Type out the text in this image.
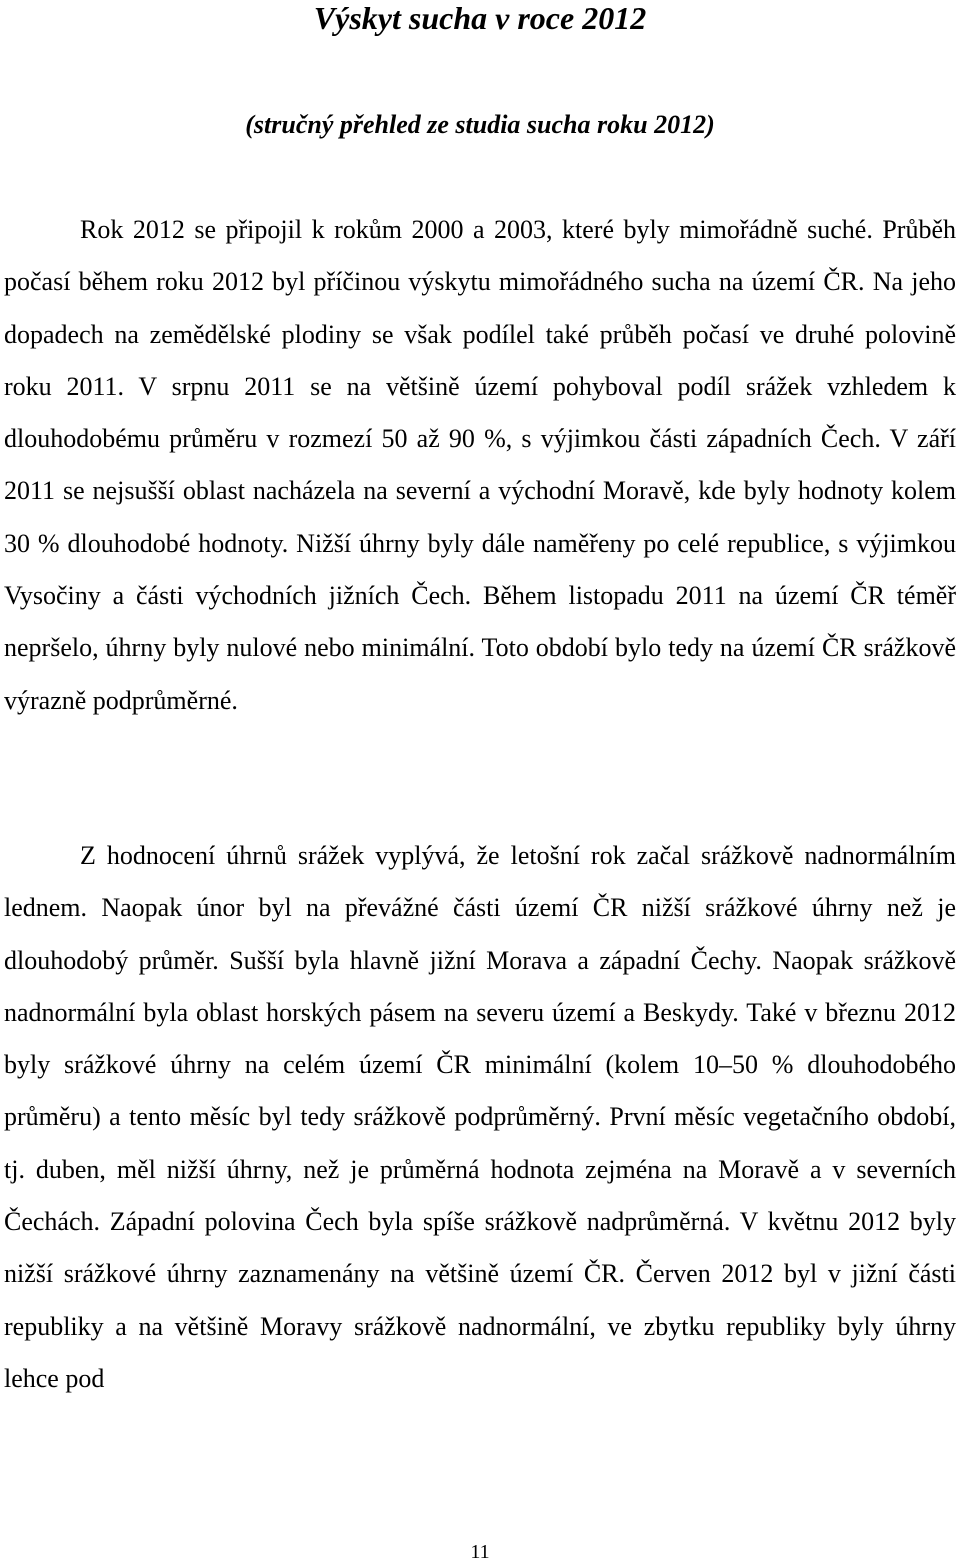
Výskyt sucha v roce 2012
(stručný přehled ze studia sucha roku 2012)

Rok 2012 se připojil k rokům 2000 a 2003, které byly mimořádně suché. Průběh počasí během roku 2012 byl příčinou výskytu mimořádného sucha na území ČR. Na jeho dopadech na zemědělské plodiny se však podílel také průběh počasí ve druhé polovině roku 2011. V srpnu 2011 se na většině území pohyboval podíl srážek vzhledem k dlouhodobému průměru v rozmezí 50 až 90 %, s výjimkou části západních Čech. V září 2011 se nejsušší oblast nacházela na severní a východní Moravě, kde byly hodnoty kolem 30 % dlouhodobé hodnoty. Nižší úhrny byly dále naměřeny po celé republice, s výjimkou Vysočiny a části východních jižních Čech. Během listopadu 2011 na území ČR téměř nepršelo, úhrny byly nulové nebo minimální. Toto období bylo tedy na území ČR srážkově výrazně podprůměrné.

Z hodnocení úhrnů srážek vyplývá, že letošní rok začal srážkově nadnormálním lednem. Naopak únor byl na převážné části území ČR nižší srážkové úhrny než je dlouhodobý průměr. Sušší byla hlavně jižní Morava a západní Čechy. Naopak srážkově nadnormální byla oblast horských pásem na severu území a Beskydy. Také v březnu 2012 byly srážkové úhrny na celém území ČR minimální (kolem 10–50 % dlouhodobého průměru) a tento měsíc byl tedy srážkově podprůměrný. První měsíc vegetačního období, tj. duben, měl nižší úhrny, než je průměrná hodnota zejména na Moravě a v severních Čechách. Západní polovina Čech byla spíše srážkově nadprůměrná. V květnu 2012 byly nižší srážkové úhrny zaznamenány na většině území ČR. Červen 2012 byl v jižní části republiky a na většině Moravy srážkově nadnormální, ve zbytku republiky byly úhrny lehce pod

11
